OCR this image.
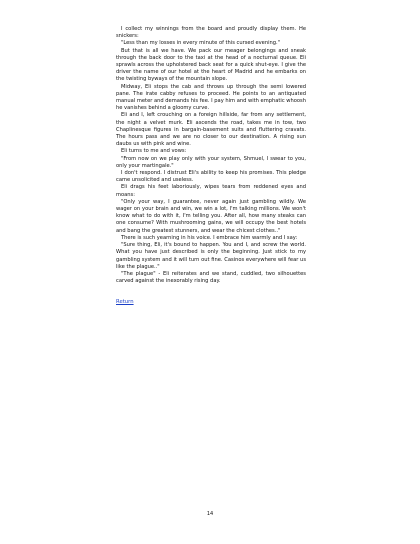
I collect my winnings from the board and proudly display them. He snickers:

"Less than my losses in every minute of this cursed evening."

But that is all we have. We pack our meager belongings and sneak through the back door to the taxi at the head of a nocturnal queue. Eli sprawls across the upholstered back seat for a quick shut-eye. I give the driver the name of our hotel at the heart of Madrid and he embarks on the twisting byways of the mountain slope.

Midway, Eli stops the cab and throws up through the semi lowered pane. The irate cabby refuses to proceed. He points to an antiquated manual meter and demands his fee. I pay him and with emphatic whoosh he vanishes behind a gloomy curve.

Eli and I, left crouching on a foreign hillside, far from any settlement, the night a velvet murk. Eli ascends the road, takes me in tow, two Chaplinesque figures in bargain-basement suits and fluttering cravats. The hours pass and we are no closer to our destination. A rising sun daubs us with pink and wine.

Eli turns to me and vows:

"From now on we play only with your system, Shmuel, I swear to you, only your martingale."

I don't respond. I distrust Eli's ability to keep his promises. This pledge came unsolicited and useless.

Eli drags his feet laboriously, wipes tears from reddened eyes and moans:

"Only your way, I guarantee, never again just gambling wildly. We wager on your brain and win, we win a lot, I'm talking millions. We won't know what to do with it, I'm telling you. After all, how many steaks can one consume? With mushrooming gains, we will occupy the best hotels and bang the greatest stunners, and wear the chicest clothes.."

There is such yearning in his voice. I embrace him warmly and I say:

"Sure thing, Eli, it's bound to happen. You and I, and screw the world. What you have just described is only the beginning. Just stick to my gambling system and it will turn out fine. Casinos everywhere will fear us like the plague.."

"The plague" - Eli reiterates and we stand, cuddled, two silhouettes carved against the inexorably rising day.

Return
14
